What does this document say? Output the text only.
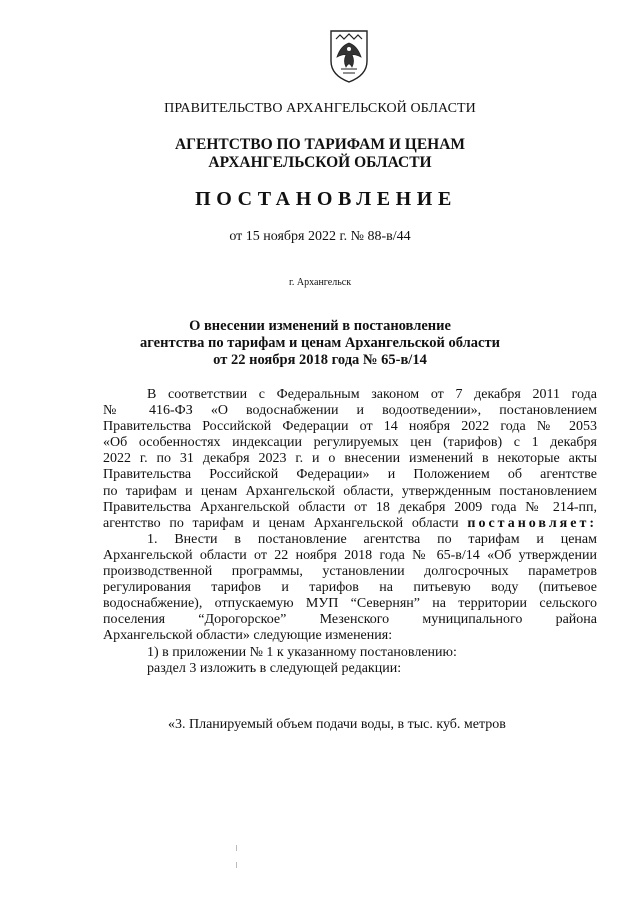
ПРАВИТЕЛЬСТВО АРХАНГЕЛЬСКОЙ ОБЛАСТИ
АГЕНТСТВО ПО ТАРИФАМ И ЦЕНАМ
АРХАНГЕЛЬСКОЙ ОБЛАСТИ
ПОСТАНОВЛЕНИЕ
от 15 ноября 2022 г. № 88-в/44
г. Архангельск
О внесении изменений в постановление
агентства по тарифам и ценам Архангельской области
от 22 ноября 2018 года № 65-в/14
В соответствии с Федеральным законом от 7 декабря 2011 года
№ 416-ФЗ «О водоснабжении и водоотведении», постановлением
Правительства Российской Федерации от 14 ноября 2022 года № 2053
«Об особенностях индексации регулируемых цен (тарифов) с 1 декабря
2022 г. по 31 декабря 2023 г. и о внесении изменений в некоторые акты
Правительства Российской Федерации» и Положением об агентстве
по тарифам и ценам Архангельской области, утвержденным постановлением
Правительства Архангельской области от 18 декабря 2009 года № 214-пп,
агентство по тарифам и ценам Архангельской области постановляет:
1. Внести в постановление агентства по тарифам и ценам
Архангельской области от 22 ноября 2018 года № 65-в/14 «Об утверждении
производственной программы, установлении долгосрочных параметров
регулирования тарифов и тарифов на питьевую воду (питьевое
водоснабжение), отпускаемую МУП “Севернян” на территории сельского
поселения “Дорогорское” Мезенского муниципального района
Архангельской области» следующие изменения:
1) в приложении № 1 к указанному постановлению:
раздел 3 изложить в следующей редакции:
«3. Планируемый объем подачи воды, в тыс. куб. метров
